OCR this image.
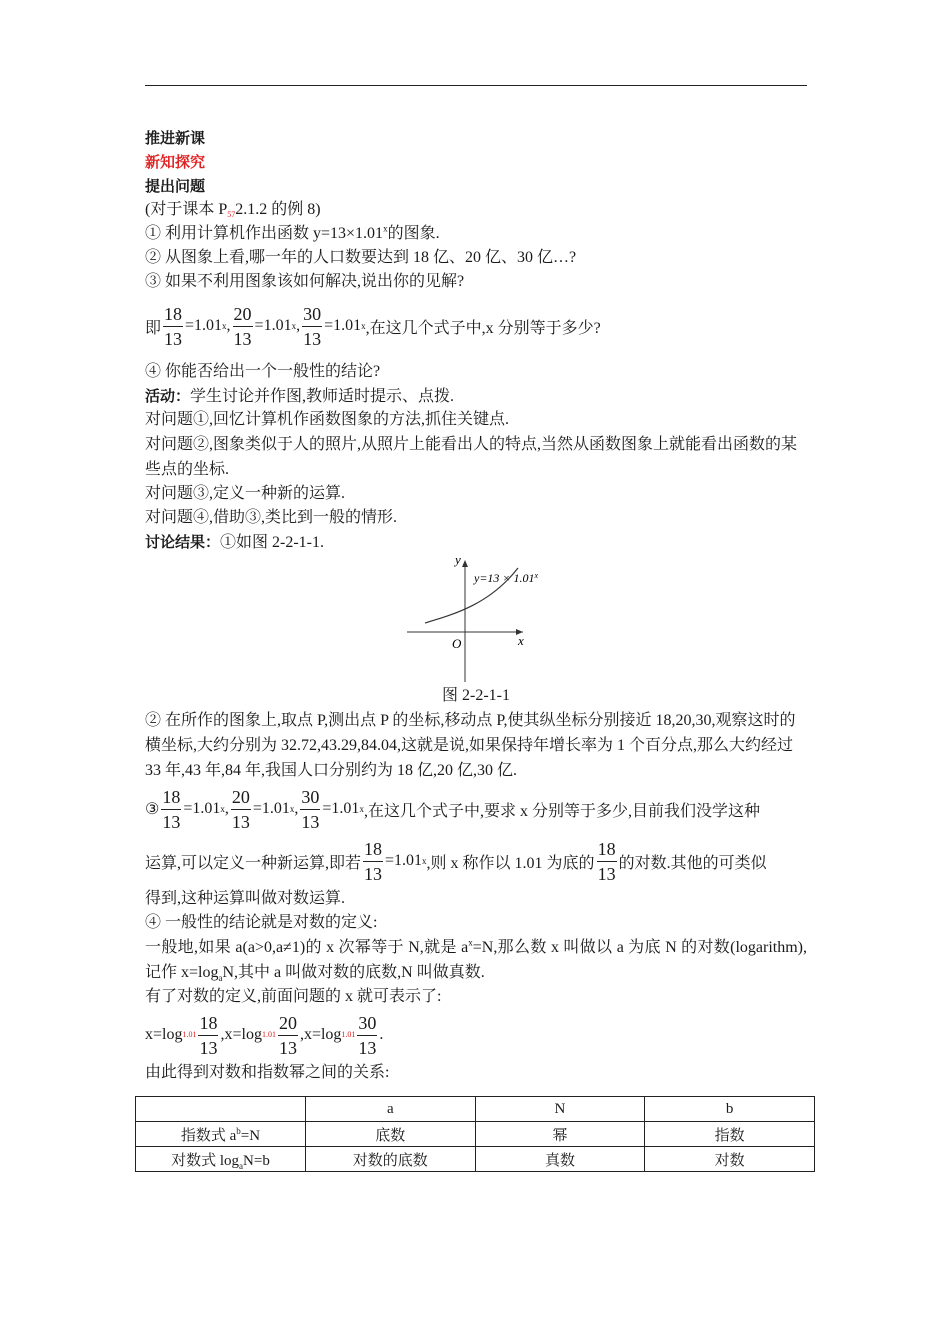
推进新课
新知探究
提出问题
(对于课本 $P_{57}2.1.2$ 的例 8)
① 利用计算机作出函数 $y=13\times 1.01^x$的图象.
② 从图象上看,哪一年的人口数要达到 18 亿、20 亿、30 亿…?
③ 如果不利用图象该如何解决,说出你的见解?
即 $\frac{18}{13} =1.01$ x , $\frac{20}{13} =1.01$ x , $\frac{30}{13} =1.01$ x ,在这几个式子中,x 分别等于多少?
④ 你能否给出一个一般性的结论?
活动：学生讨论并作图,教师适时提示、点拨.
对问题①,回忆计算机作函数图象的方法,抓住关键点.
对问题②,图象类似于人的照片,从照片上能看出人的特点,当然从函数图象上就能看出函数的某些点的坐标.
对问题③,定义一种新的运算.
对问题④,借助③,类比到一般的情形.
讨论结果：①如图 2-2-1-1.
y
x
O
$y=13 \times 1.01^x$
图 2-2-1-1
② 在所作的图象上,取点 P,测出点 P 的坐标,移动点 P,使其纵坐标分别接近 18,20,30,观察这时的横坐标,大约分别为 32.72,43.29,84.04,这就是说,如果保持年增长率为 1 个百分点,那么大约经过 33 年,43 年,84 年,我国人口分别约为 18 亿,20 亿,30 亿.
③ $\frac{18}{13} =1.01$ x , $\frac{20}{13} =1.01$ x , $\frac{30}{13} =1.01$ x ,在这几个式子中,要求 x 分别等于多少,目前我们没学这种
运算,可以定义一种新运算,即若 $\frac{18}{13} =1.01$ x ,则 x 称作以 1.01 为底的 $\frac{18}{13}$ 的对数.其他的可类似
得到,这种运算叫做对数运算.
④ 一般性的结论就是对数的定义:
一般地,如果 a(a>0,a≠1)的 x 次幂等于 N,就是 $a^x=N$,那么数 x 叫做以 a 为底 N 的对数(logarithm),记作 $x=\log_aN$,其中 a 叫做对数的底数,N 叫做真数.
有了对数的定义,前面问题的 x 就可表示了:
x=log $1.01 \frac{18}{13} ,x=\log$ $1.01 \frac{20}{13} ,x=\log$ $1.01 \frac{30}{13}$ .
由此得到对数和指数幂之间的关系:
	a	N	b
指数式 $a^b=N$	底数	幂	指数
对数式 $\log_aN=b$	对数的底数	真数	对数
